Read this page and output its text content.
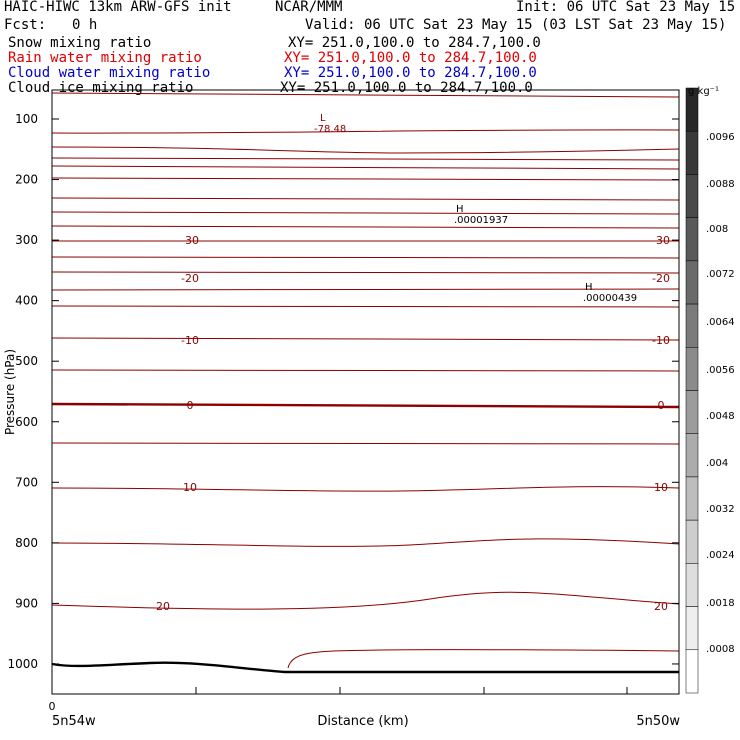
HAIC-HIWC 13km ARW-GFS init	NCAR/MMM	Init: 06 UTC Sat 23 May 15
Fcst: 0 h	Valid: 06 UTC Sat 23 May 15 (03 LST Sat 23 May 15)
Snow mixing ratio	XY= 251.0,100.0 to 284.7,100.0
Rain water mixing ratio	XY= 251.0,100.0 to 284.7,100.0
Cloud water mixing ratio	XY= 251.0,100.0 to 284.7,100.0
Cloud ice mixing ratio	XY= 251.0,100.0 to 284.7,100.0
-30	-30
-20	-20
-10	-10
0	0
10	10
20	20
L
-78.48
H
.00001937
H
.00000439
100
200
300
400
500
600
700
800
900
1000
.0096
.0088
.008
.0072
.0064
.0056
.0048
.004
.0032
.0024
.0018
.0008
Pressure (hPa)
Distance (km)
0
5n54w	5n50w
g kg⁻¹
